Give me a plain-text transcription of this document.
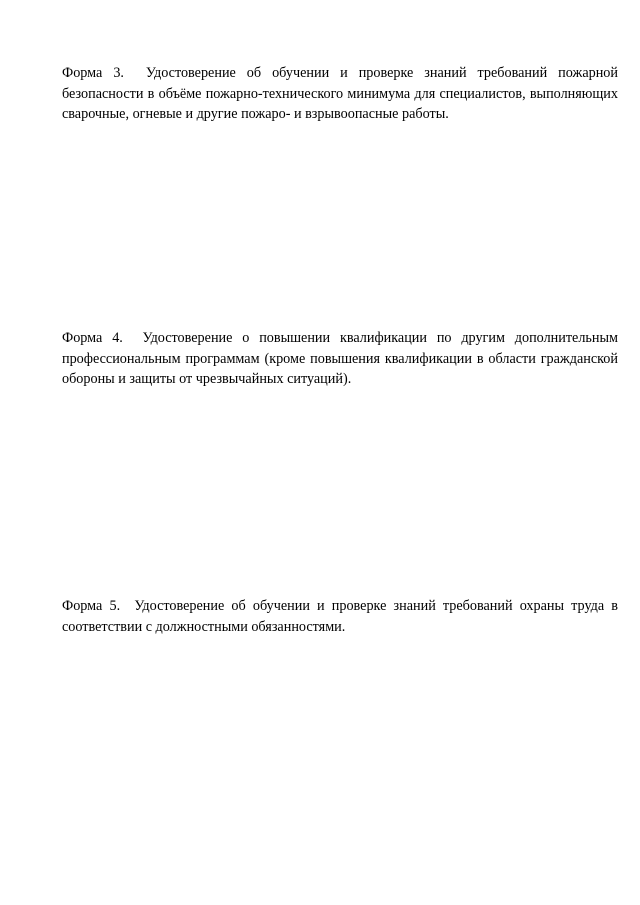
Форма 3.  Удостоверение об обучении и проверке знаний требований пожарной безопасности в объёме пожарно-технического минимума для специалистов, выполняющих сварочные, огневые и другие пожаро- и взрывоопасные работы.

Форма 4.  Удостоверение о повышении квалификации по другим дополнительным профессиональным программам (кроме повышения квалификации в области гражданской обороны и защиты от чрезвычайных ситуаций).

Форма 5.  Удостоверение об обучении и проверке знаний требований охраны труда в соответствии с должностными обязанностями.
